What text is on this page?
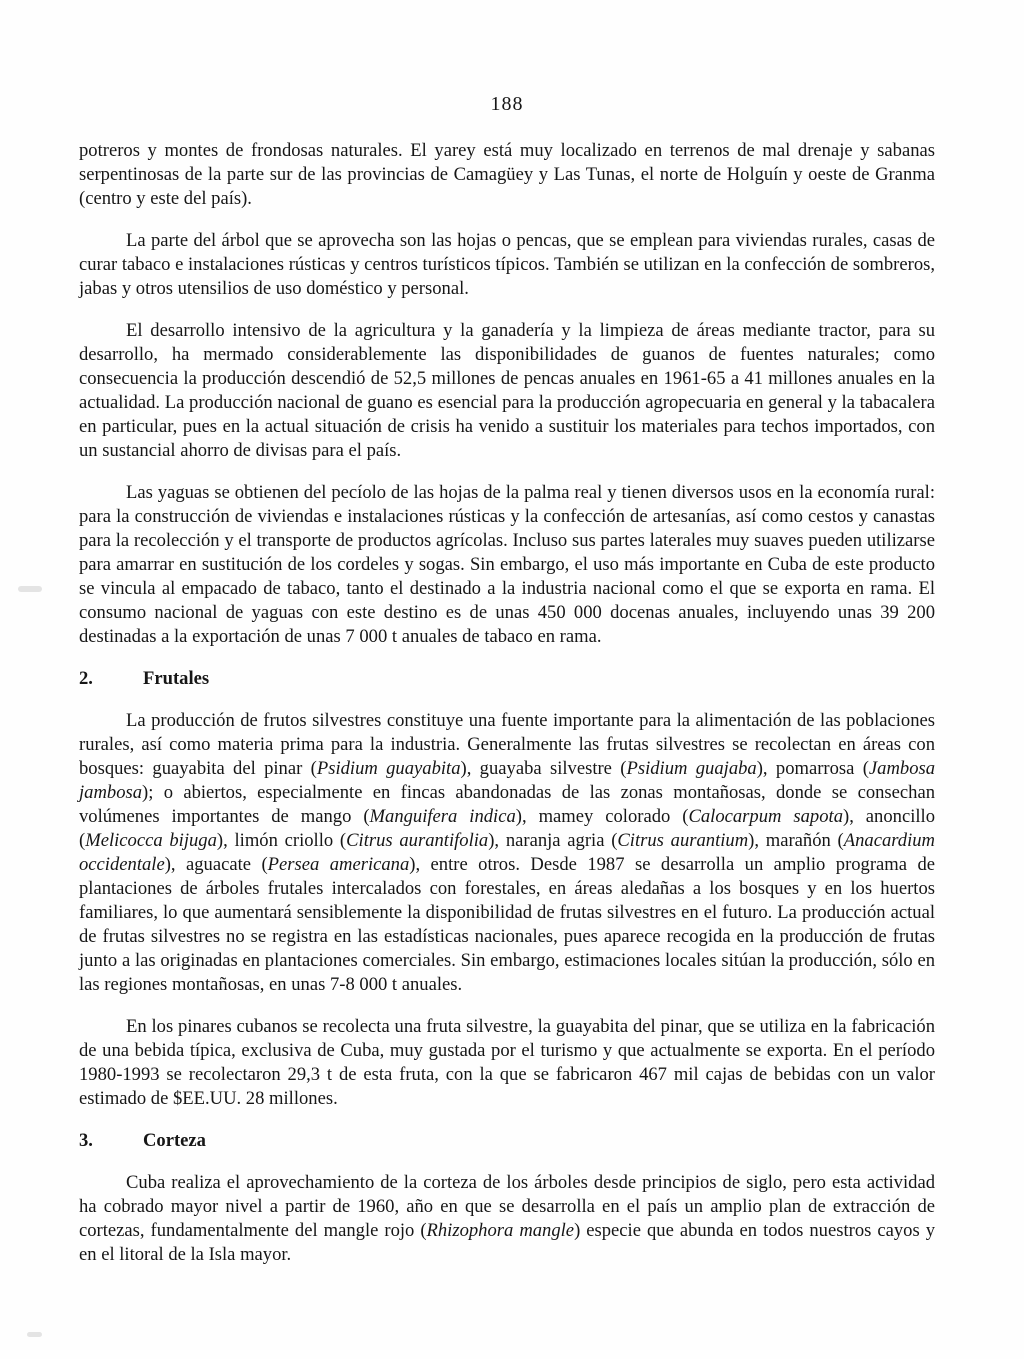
188

potreros y montes de frondosas naturales. El yarey está muy localizado en terrenos de mal drenaje y sabanas serpentinosas de la parte sur de las provincias de Camagüey y Las Tunas, el norte de Holguín y oeste de Granma (centro y este del país).

La parte del árbol que se aprovecha son las hojas o pencas, que se emplean para viviendas rurales, casas de curar tabaco e instalaciones rústicas y centros turísticos típicos. También se utilizan en la confección de sombreros, jabas y otros utensilios de uso doméstico y personal.

El desarrollo intensivo de la agricultura y la ganadería y la limpieza de áreas mediante tractor, para su desarrollo, ha mermado considerablemente las disponibilidades de guanos de fuentes naturales; como consecuencia la producción descendió de 52,5 millones de pencas anuales en 1961-65 a 41 millones anuales en la actualidad. La producción nacional de guano es esencial para la producción agropecuaria en general y la tabacalera en particular, pues en la actual situación de crisis ha venido a sustituir los materiales para techos importados, con un sustancial ahorro de divisas para el país.

Las yaguas se obtienen del pecíolo de las hojas de la palma real y tienen diversos usos en la economía rural: para la construcción de viviendas e instalaciones rústicas y la confección de artesanías, así como cestos y canastas para la recolección y el transporte de productos agrícolas. Incluso sus partes laterales muy suaves pueden utilizarse para amarrar en sustitución de los cordeles y sogas. Sin embargo, el uso más importante en Cuba de este producto se vincula al empacado de tabaco, tanto el destinado a la industria nacional como el que se exporta en rama. El consumo nacional de yaguas con este destino es de unas 450 000 docenas anuales, incluyendo unas 39 200 destinadas a la exportación de unas 7 000 t anuales de tabaco en rama.

2.	Frutales

La producción de frutos silvestres constituye una fuente importante para la alimentación de las poblaciones rurales, así como materia prima para la industria. Generalmente las frutas silvestres se recolectan en áreas con bosques: guayabita del pinar (Psidium guayabita), guayaba silvestre (Psidium guajaba), pomarrosa (Jambosa jambosa); o abiertos, especialmente en fincas abandonadas de las zonas montañosas, donde se consechan volúmenes importantes de mango (Manguifera indica), mamey colorado (Calocarpum sapota), anoncillo (Melicocca bijuga), limón criollo (Citrus aurantifolia), naranja agria (Citrus aurantium), marañón (Anacardium occidentale), aguacate (Persea americana), entre otros. Desde 1987 se desarrolla un amplio programa de plantaciones de árboles frutales intercalados con forestales, en áreas aledañas a los bosques y en los huertos familiares, lo que aumentará sensiblemente la disponibilidad de frutas silvestres en el futuro. La producción actual de frutas silvestres no se registra en las estadísticas nacionales, pues aparece recogida en la producción de frutas junto a las originadas en plantaciones comerciales. Sin embargo, estimaciones locales sitúan la producción, sólo en las regiones montañosas, en unas 7-8 000 t anuales.

En los pinares cubanos se recolecta una fruta silvestre, la guayabita del pinar, que se utiliza en la fabricación de una bebida típica, exclusiva de Cuba, muy gustada por el turismo y que actualmente se exporta. En el período 1980-1993 se recolectaron 29,3 t de esta fruta, con la que se fabricaron 467 mil cajas de bebidas con un valor estimado de $EE.UU. 28 millones.

3.	Corteza

Cuba realiza el aprovechamiento de la corteza de los árboles desde principios de siglo, pero esta actividad ha cobrado mayor nivel a partir de 1960, año en que se desarrolla en el país un amplio plan de extracción de cortezas, fundamentalmente del mangle rojo (Rhizophora mangle) especie que abunda en todos nuestros cayos y en el litoral de la Isla mayor.
